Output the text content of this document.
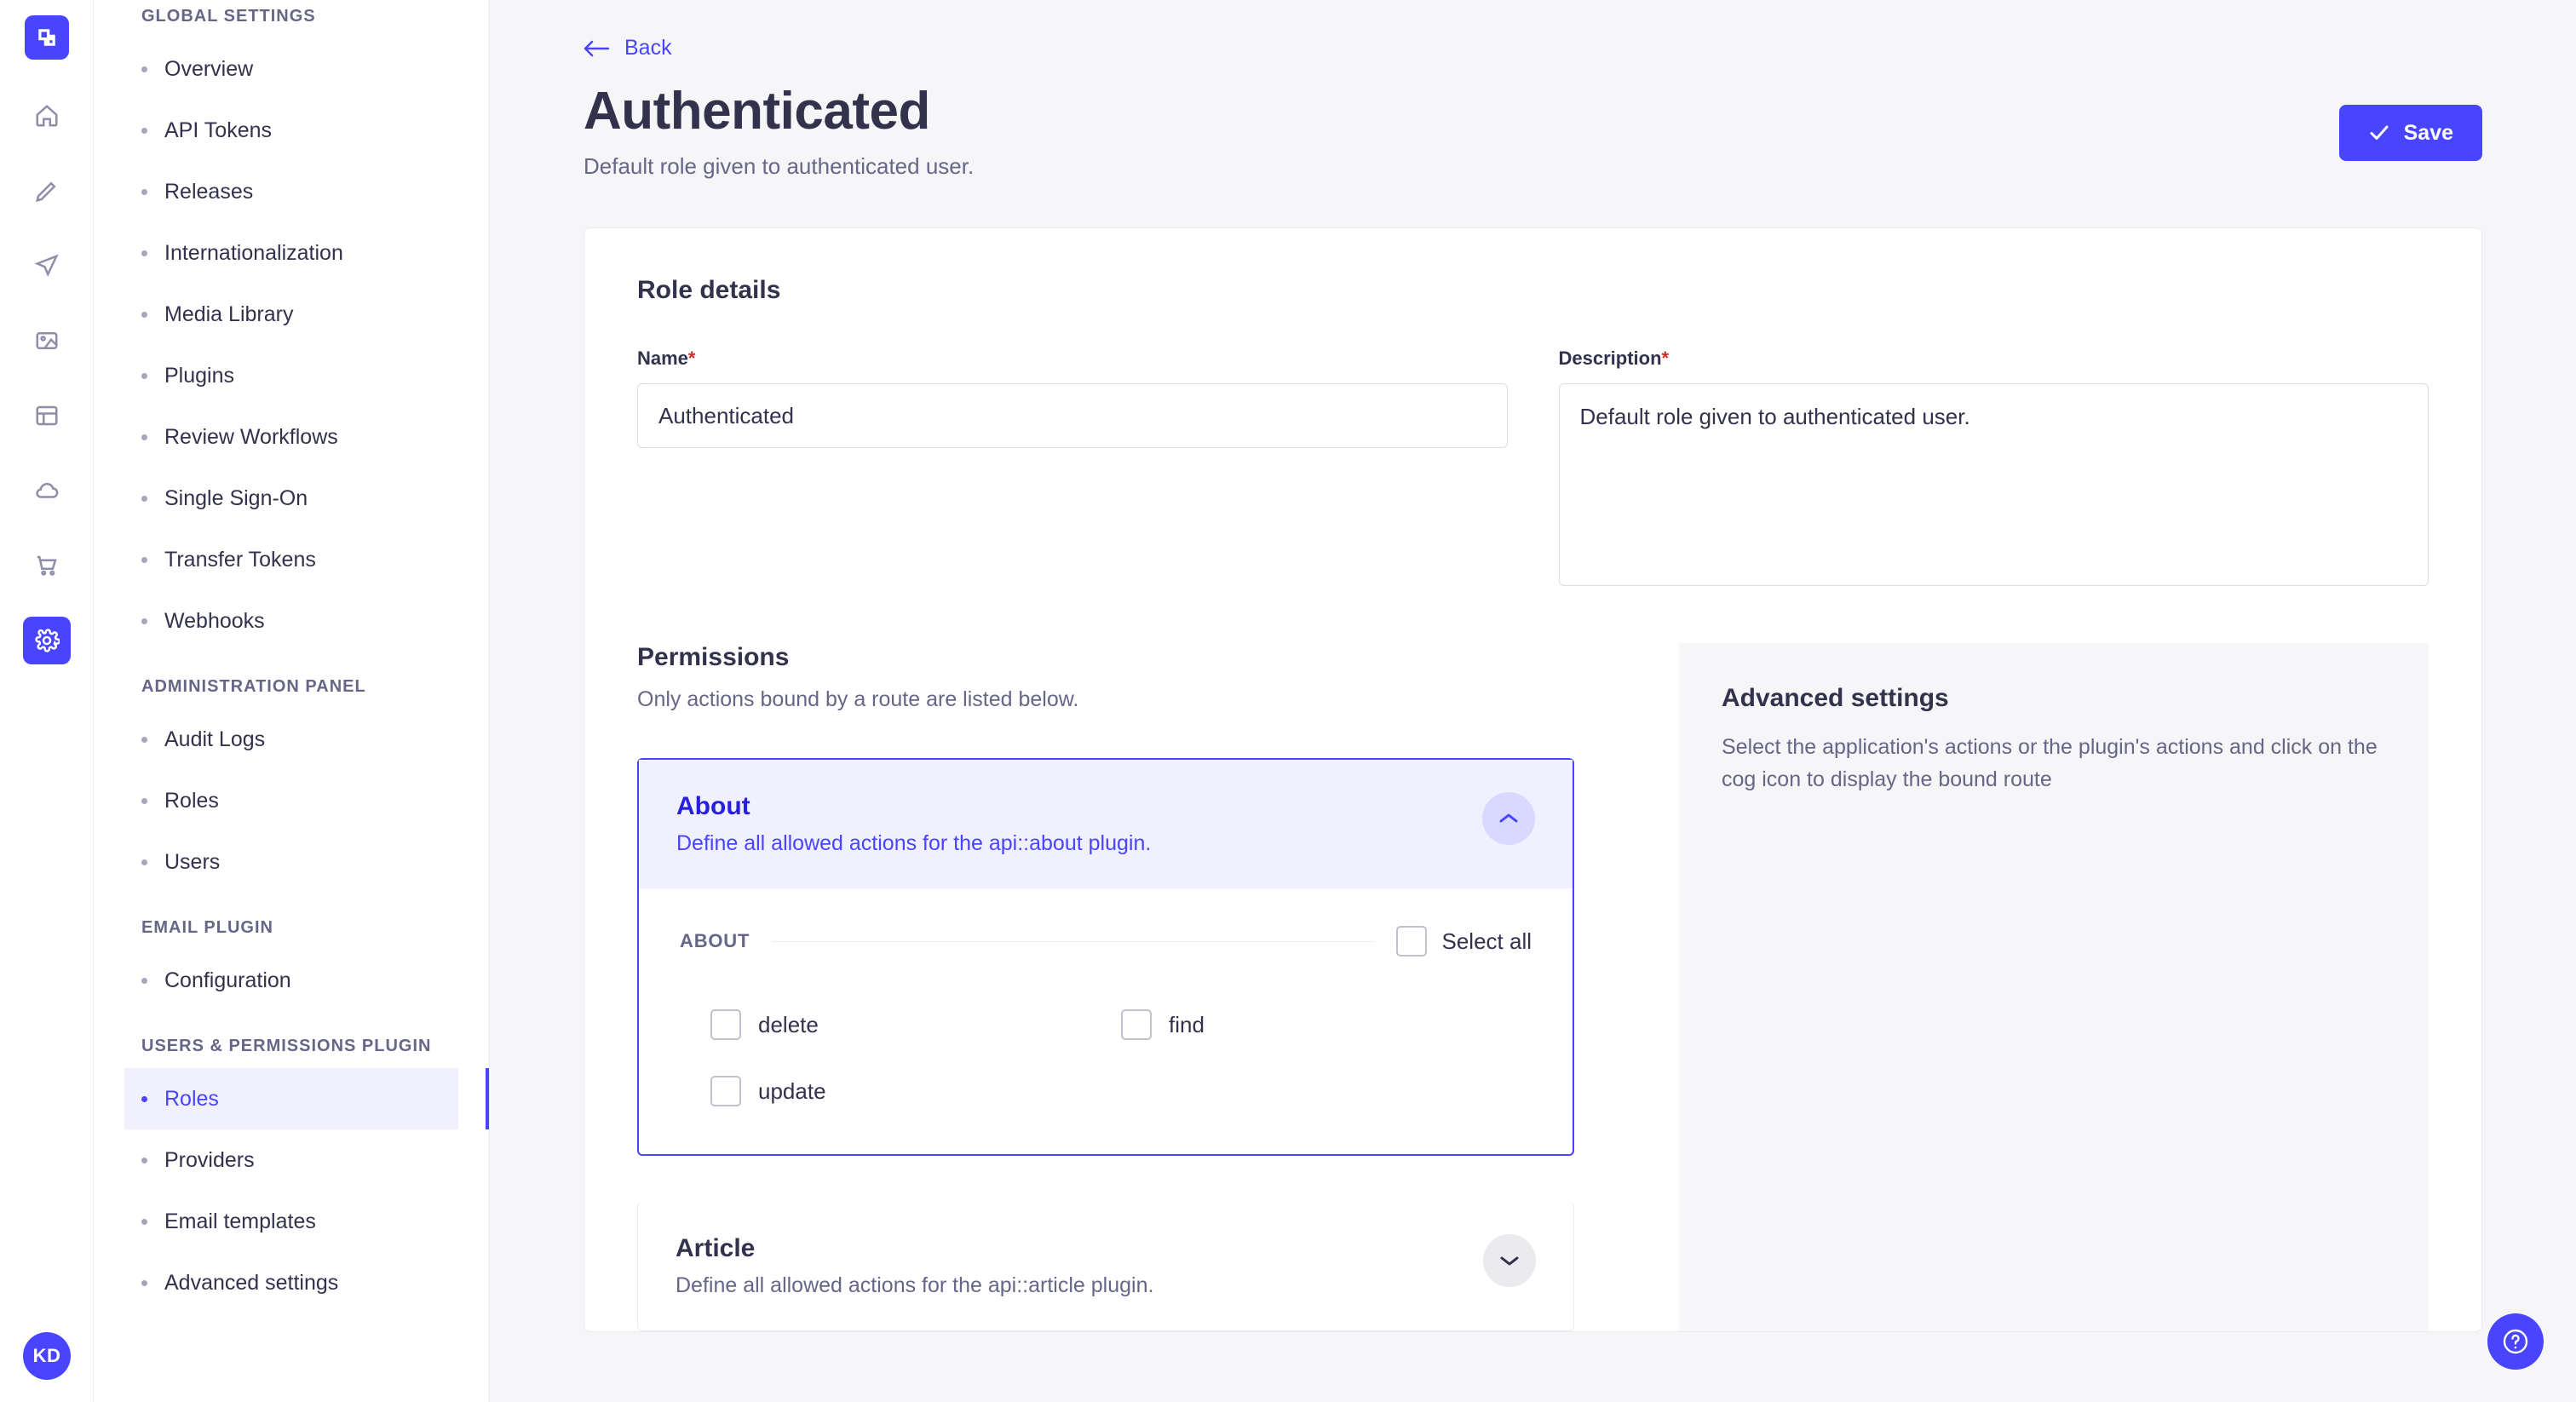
KD
GLOBAL SETTINGS
Overview
API Tokens
Releases
Internationalization
Media Library
Plugins
Review Workflows
Single Sign-On
Transfer Tokens
Webhooks
ADMINISTRATION PANEL
Audit Logs
Roles
Users
EMAIL PLUGIN
Configuration
USERS & PERMISSIONS PLUGIN
Roles
Providers
Email templates
Advanced settings
Back
Authenticated
Default role given to authenticated user.
Save
Role details
Name*
Authenticated	Description*
Default role given to authenticated user.
Permissions
Only actions bound by a route are listed below.
About
Define all allowed actions for the api::about plugin.
ABOUT	Select all
delete	find
update
Article
Define all allowed actions for the api::article plugin.
Advanced settings
Select the application's actions or the plugin's actions and click on the cog icon to display the bound route
